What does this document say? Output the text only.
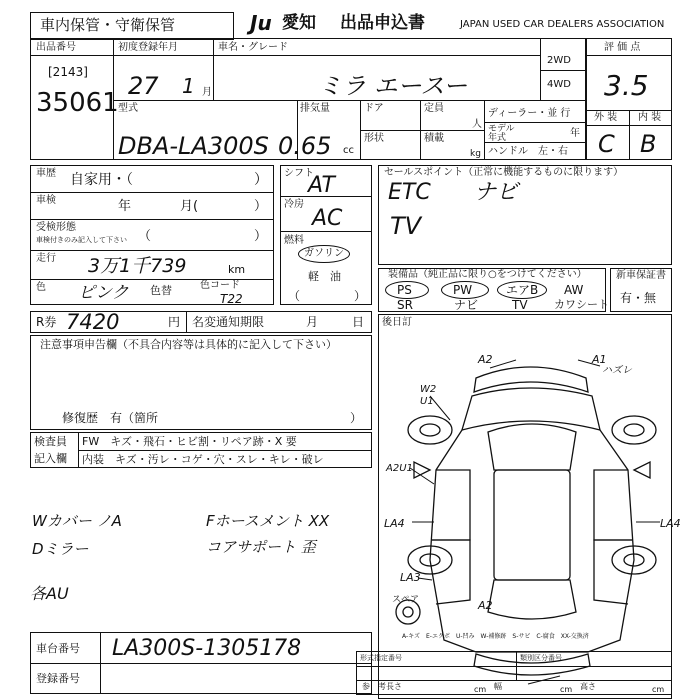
車内保管・守衛保管	Ju 愛知 出品申込書	JAPAN USED CAR DEALERS ASSOCIATION
出品番号
[2143]
35061
初度登録年月
27 1 月
車名・グレード
ミラ エースー
2WD
4WD
型式
DBA-LA300S
排気量
0.65 cc
ドア
形状
定員
人
積載
kg
ディーラー・並 行
モデル 年式	年
ハンドル　左・右
評 価 点
3.5
外 装 内 装
C B
車歴 自家用・（	）
車検	年	月(	）
受検形態
車検付きのみ記入して下さい （	）
走行 3万1千739	km
色 ピンク 色替	色コード
T22
シフト
AT
冷房
AC
燃料
ガソリン
軽　油
（	）
セールスポイント（正常に機能するものに限ります）
ETC ナビ
TV
装備品（純正品に限り○をつけてください）
PS	PW	エアB AW
SR	ナビ	TV カワシート
新車保証書
有・無
R券 7420	円 名変通知期限	月	日
注意事項申告欄（不具合内容等は具体的に記入して下さい）
修復歴　有（箇所	）
後日訂
検査員
記入欄
FW　キズ・飛石・ヒビ割・リペア跡・X 要
内装　キズ・汚レ・コゲ・穴・スレ・キレ・破レ
Wカバー ノA
Dミラー
Fホースメント XX
コアサポート 歪
各AU
A2	A1
ハズレ
W2
U1
A2U1
LA4	LA4
LA3
スペア	A2
A-キズ　E-エクボ　U-凹み　W-補修跡　S-サビ　C-腐食　XX-交換済
車台番号 LA300S-1305178
登録番号
形式指定番号	類別区分番号
参　考 長さ	cm 幅	cm 高さ	cm
